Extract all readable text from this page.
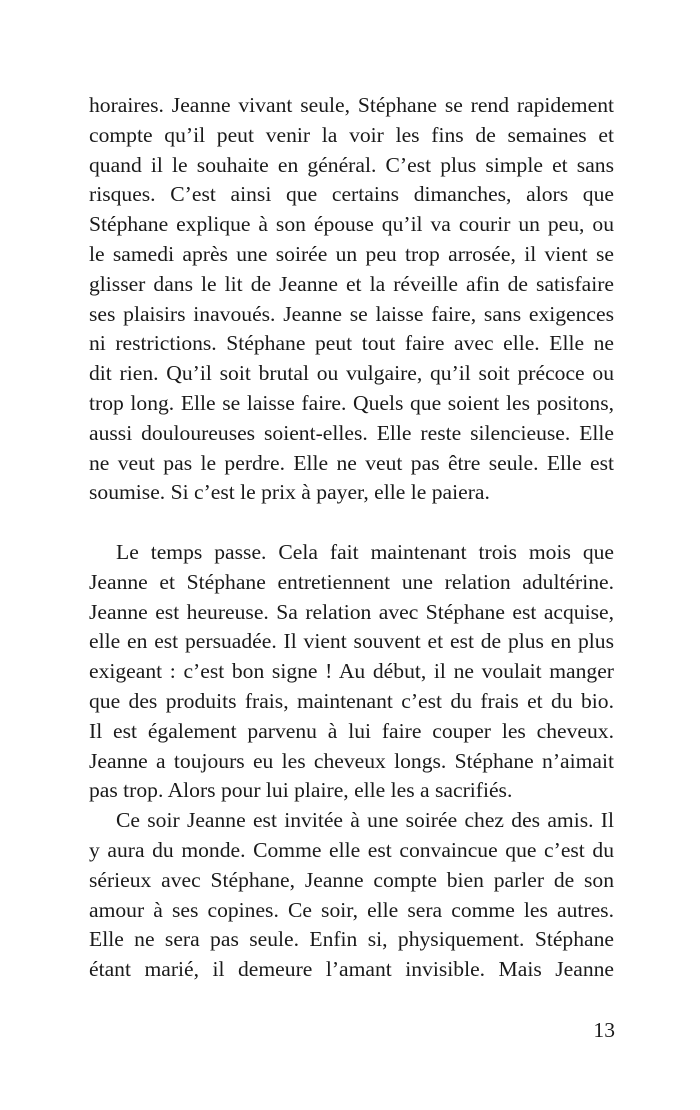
horaires. Jeanne vivant seule, Stéphane se rend rapidement
compte qu’il peut venir la voir les fins de semaines et
quand il le souhaite en général. C’est plus simple et sans
risques. C’est ainsi que certains dimanches, alors que
Stéphane explique à son épouse qu’il va courir un peu, ou
le samedi après une soirée un peu trop arrosée, il vient se
glisser dans le lit de Jeanne et la réveille afin de satisfaire
ses plaisirs inavoués. Jeanne se laisse faire, sans exigences
ni restrictions. Stéphane peut tout faire avec elle. Elle ne
dit rien. Qu’il soit brutal ou vulgaire, qu’il soit précoce ou
trop long. Elle se laisse faire. Quels que soient les positons,
aussi douloureuses soient-elles. Elle reste silencieuse. Elle
ne veut pas le perdre. Elle ne veut pas être seule. Elle est
soumise. Si c’est le prix à payer, elle le paiera.
Le temps passe. Cela fait maintenant trois mois que
Jeanne et Stéphane entretiennent une relation adultérine.
Jeanne est heureuse. Sa relation avec Stéphane est acquise,
elle en est persuadée. Il vient souvent et est de plus en plus
exigeant : c’est bon signe ! Au début, il ne voulait manger
que des produits frais, maintenant c’est du frais et du bio.
Il est également parvenu à lui faire couper les cheveux.
Jeanne a toujours eu les cheveux longs. Stéphane n’aimait
pas trop. Alors pour lui plaire, elle les a sacrifiés.
Ce soir Jeanne est invitée à une soirée chez des amis. Il
y aura du monde. Comme elle est convaincue que c’est du
sérieux avec Stéphane, Jeanne compte bien parler de son
amour à ses copines. Ce soir, elle sera comme les autres.
Elle ne sera pas seule. Enfin si, physiquement. Stéphane
étant marié, il demeure l’amant invisible. Mais Jeanne
13
